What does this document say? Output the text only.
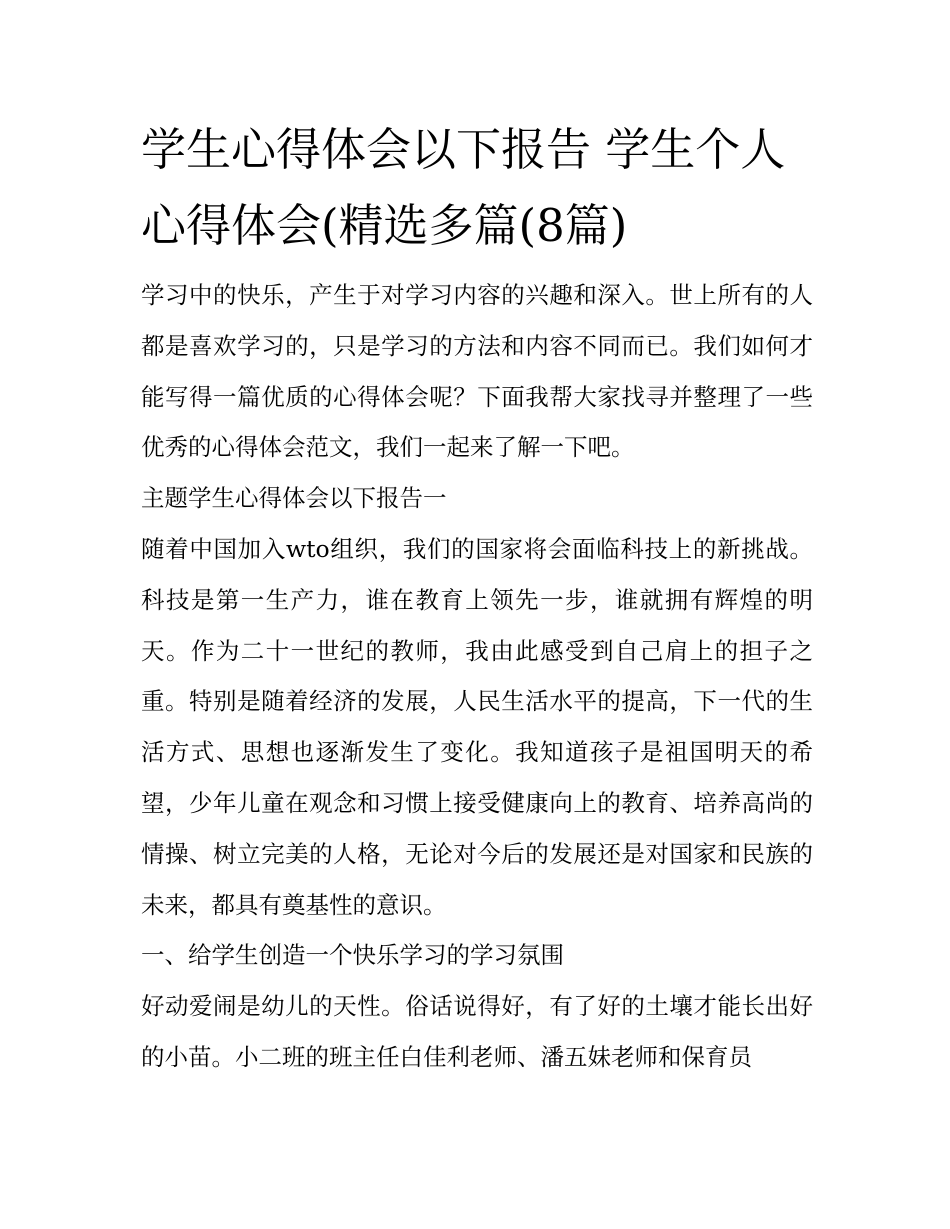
学生心得体会以下报告 学生个人心得体会(精选多篇(8篇)

学习中的快乐，产生于对学习内容的兴趣和深入。世上所有的人都是喜欢学习的，只是学习的方法和内容不同而已。我们如何才能写得一篇优质的心得体会呢？下面我帮大家找寻并整理了一些优秀的心得体会范文，我们一起来了解一下吧。

主题学生心得体会以下报告一

随着中国加入wto组织，我们的国家将会面临科技上的新挑战。科技是第一生产力，谁在教育上领先一步，谁就拥有辉煌的明天。作为二十一世纪的教师，我由此感受到自己肩上的担子之重。特别是随着经济的发展，人民生活水平的提高，下一代的生活方式、思想也逐渐发生了变化。我知道孩子是祖国明天的希望，少年儿童在观念和习惯上接受健康向上的教育、培养高尚的情操、树立完美的人格，无论对今后的发展还是对国家和民族的未来，都具有奠基性的意识。

一、给学生创造一个快乐学习的学习氛围

好动爱闹是幼儿的天性。俗话说得好，有了好的土壤才能长出好的小苗。小二班的班主任白佳利老师、潘五妹老师和保育员
